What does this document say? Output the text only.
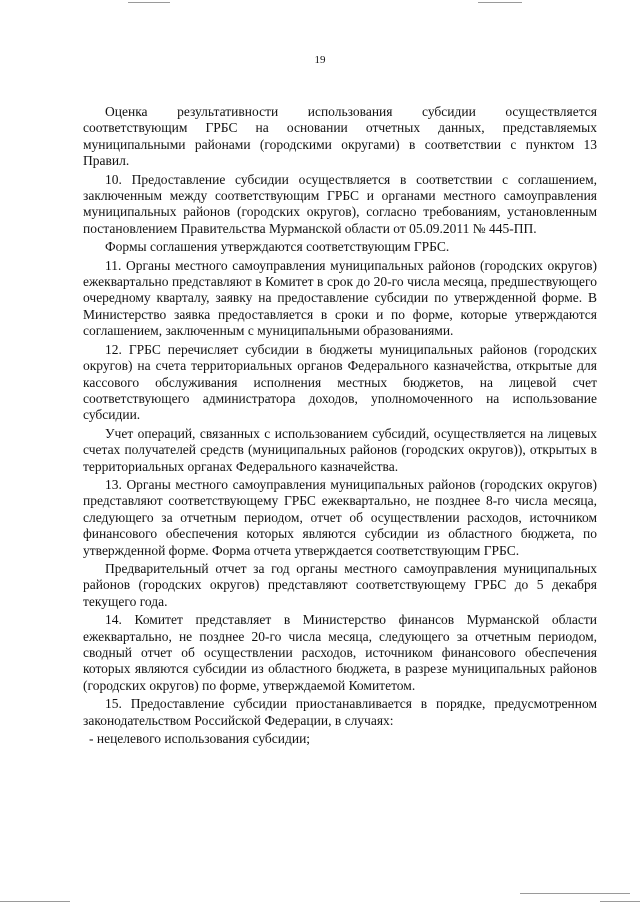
19

Оценка результативности использования субсидии осуществляется соответствующим ГРБС на основании отчетных данных, представляемых муниципальными районами (городскими округами) в соответствии с пунктом 13 Правил.

10. Предоставление субсидии осуществляется в соответствии с соглашением, заключенным между соответствующим ГРБС и органами местного самоуправления муниципальных районов (городских округов), согласно требованиям, установленным постановлением Правительства Мурманской области от 05.09.2011 № 445-ПП.

Формы соглашения утверждаются соответствующим ГРБС.

11. Органы местного самоуправления муниципальных районов (городских округов) ежеквартально представляют в Комитет в срок до 20-го числа месяца, предшествующего очередному кварталу, заявку на предоставление субсидии по утвержденной форме. В Министерство заявка предоставляется в сроки и по форме, которые утверждаются соглашением, заключенным с муниципальными образованиями.

12. ГРБС перечисляет субсидии в бюджеты муниципальных районов (городских округов) на счета территориальных органов Федерального казначейства, открытые для кассового обслуживания исполнения местных бюджетов, на лицевой счет соответствующего администратора доходов, уполномоченного на использование субсидии.

Учет операций, связанных с использованием субсидий, осуществляется на лицевых счетах получателей средств (муниципальных районов (городских округов)), открытых в территориальных органах Федерального казначейства.

13. Органы местного самоуправления муниципальных районов (городских округов) представляют соответствующему ГРБС ежеквартально, не позднее 8-го числа месяца, следующего за отчетным периодом, отчет об осуществлении расходов, источником финансового обеспечения которых являются субсидии из областного бюджета, по утвержденной форме. Форма отчета утверждается соответствующим ГРБС.

Предварительный отчет за год органы местного самоуправления муниципальных районов (городских округов) представляют соответствующему ГРБС до 5 декабря текущего года.

14. Комитет представляет в Министерство финансов Мурманской области ежеквартально, не позднее 20-го числа месяца, следующего за отчетным периодом, сводный отчет об осуществлении расходов, источником финансового обеспечения которых являются субсидии из областного бюджета, в разрезе муниципальных районов (городских округов) по форме, утверждаемой Комитетом.

15. Предоставление субсидии приостанавливается в порядке, предусмотренном законодательством Российской Федерации, в случаях:

- нецелевого использования субсидии;
